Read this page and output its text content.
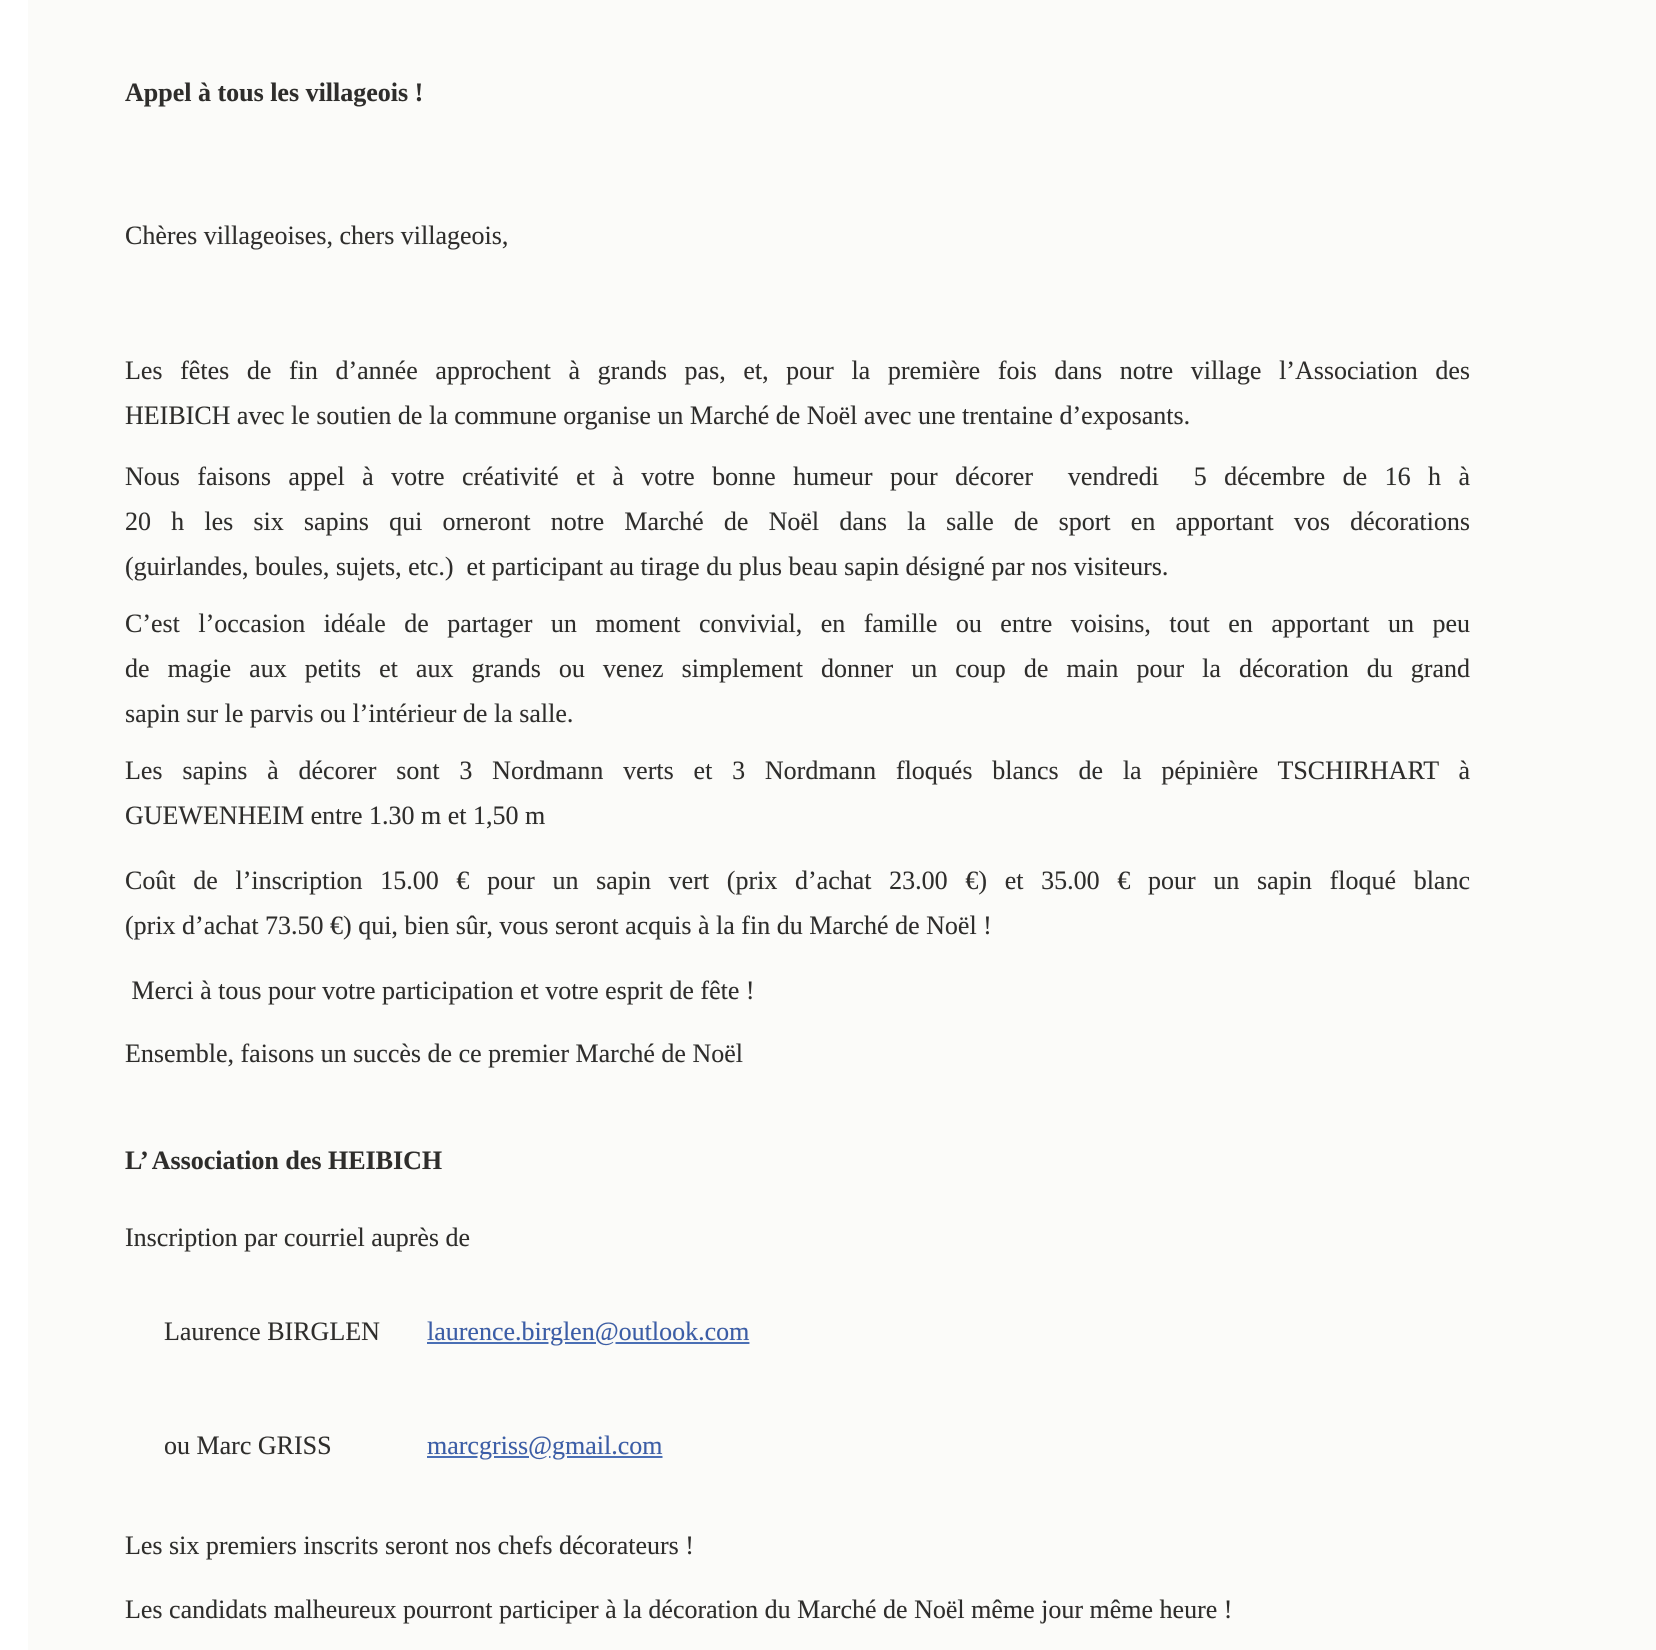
Appel à tous les villageois !
Chères villageoises, chers villageois,
Les fêtes de fin d’année approchent à grands pas, et, pour la première fois dans notre village l’Association des
HEIBICH avec le soutien de la commune organise un Marché de Noël avec une trentaine d’exposants.
Nous faisons appel à votre créativité et à votre bonne humeur pour décorer  vendredi  5 décembre de 16 h à
20 h les six sapins qui orneront notre Marché de Noël dans la salle de sport en apportant vos décorations
(guirlandes, boules, sujets, etc.)  et participant au tirage du plus beau sapin désigné par nos visiteurs.
C’est l’occasion idéale de partager un moment convivial, en famille ou entre voisins, tout en apportant un peu
de magie aux petits et aux grands ou venez simplement donner un coup de main pour la décoration du grand
sapin sur le parvis ou l’intérieur de la salle.
Les sapins à décorer sont 3 Nordmann verts et 3 Nordmann floqués blancs de la pépinière TSCHIRHART à
GUEWENHEIM entre 1.30 m et 1,50 m
Coût de l’inscription 15.00 € pour un sapin vert (prix d’achat 23.00 €) et 35.00 € pour un sapin floqué blanc
(prix d’achat 73.50 €) qui, bien sûr, vous seront acquis à la fin du Marché de Noël !
Merci à tous pour votre participation et votre esprit de fête !
Ensemble, faisons un succès de ce premier Marché de Noël
L’ Association des HEIBICH
Inscription par courriel auprès de

Laurence BIRGLEN laurence.birglen@outlook.com

ou Marc GRISS	marcgriss@gmail.com

Les six premiers inscrits seront nos chefs décorateurs !
Les candidats malheureux pourront participer à la décoration du Marché de Noël même jour même heure !
